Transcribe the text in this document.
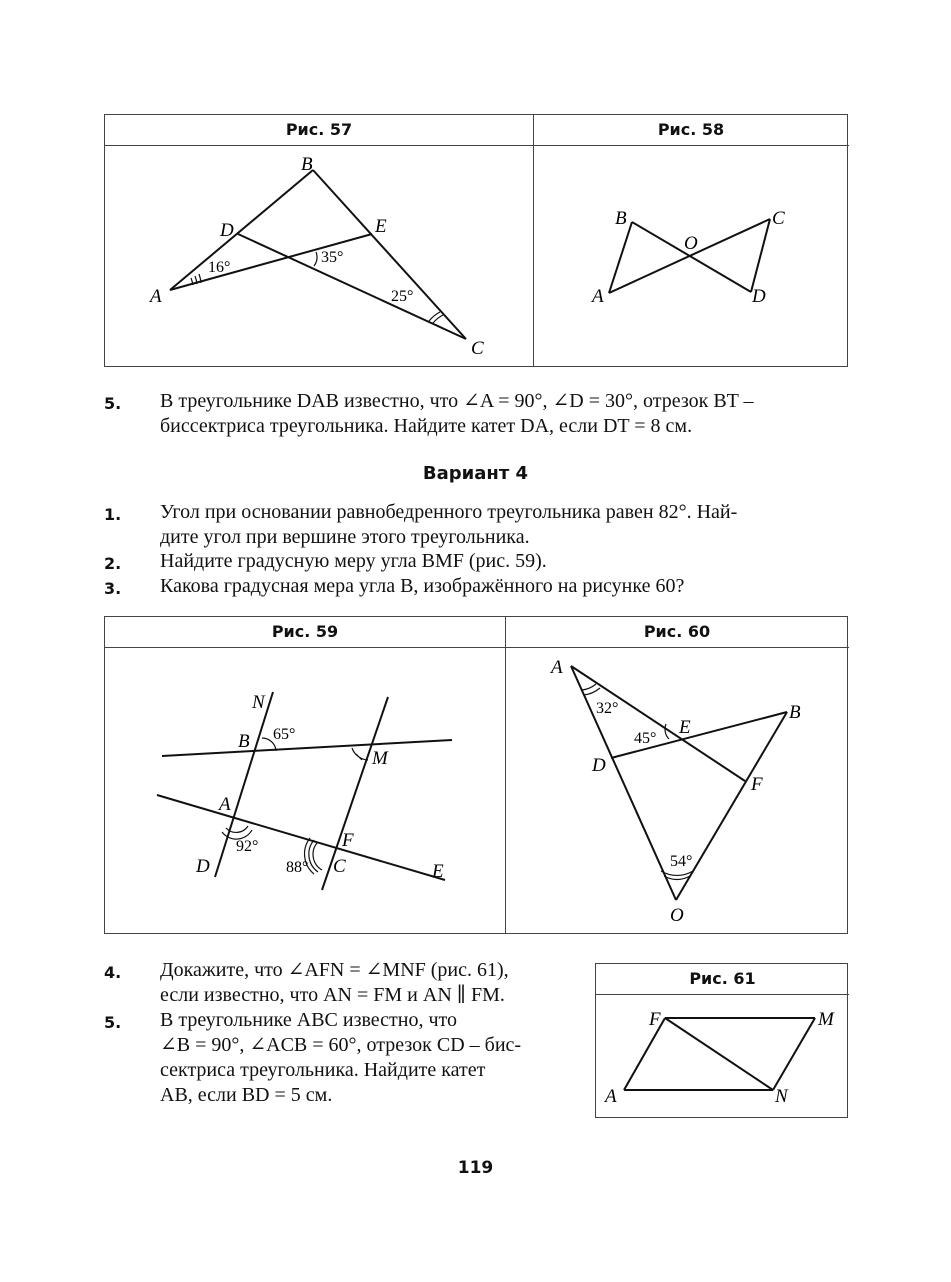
Рис. 57	Рис. 58
B
A
D	E
C
16°
35°
25°
B
A
C
D
O
5. В треугольнике DAB известно, что ∠A = 90°, ∠D = 30°, отрезок BT –
биссектриса треугольника. Найдите катет DA, если DT = 8 см.
Вариант 4
1. Угол при основании равнобедренного треугольника равен 82°. Най-
дите угол при вершине этого треугольника.
2. Найдите градусную меру угла BMF (рис. 59).
3. Какова градусная мера угла B, изображённого на рисунке 60?
Рис. 59	Рис. 60
N
B
M
A
D
F
C	E
65°
92°
88°
A
B
E
D
F
O
32°
45°
54°
4. Докажите, что ∠AFN = ∠MNF (рис. 61),
если известно, что AN = FM и AN ∥ FM.
5. В треугольнике ABC известно, что
∠B = 90°, ∠ACB = 60°, отрезок CD – бис-
сектриса треугольника. Найдите катет
AB, если BD = 5 см.
Рис. 61
F	M
A	N
119
